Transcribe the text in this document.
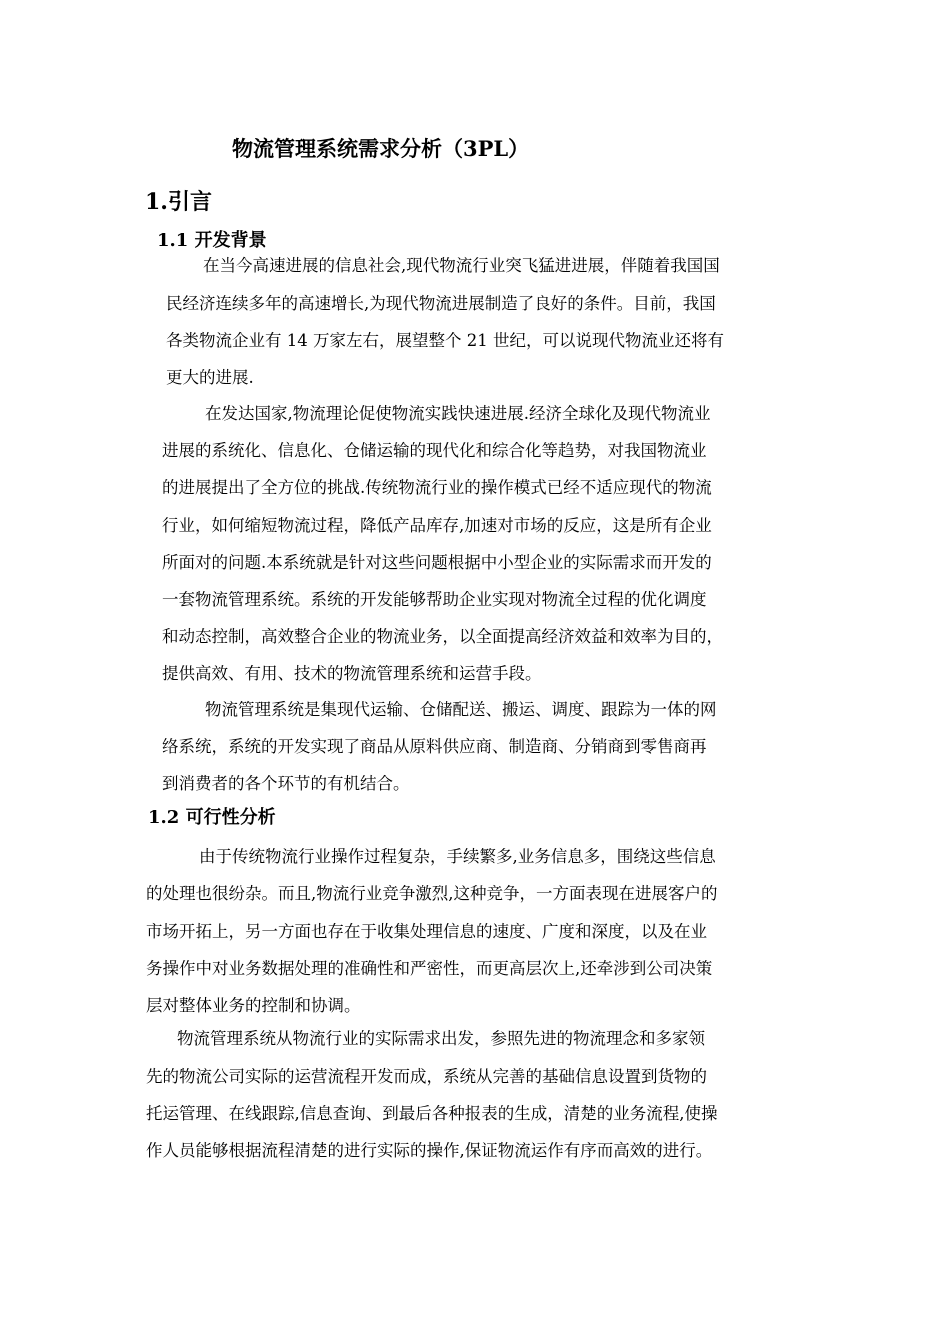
物流管理系统需求分析（3PL）
1.引言
1.1 开发背景
在当今高速进展的信息社会,现代物流行业突飞猛进进展，伴随着我国国
民经济连续多年的高速增长,为现代物流进展制造了良好的条件。目前，我国
各类物流企业有 14 万家左右，展望整个 21 世纪，可以说现代物流业还将有
更大的进展.
在发达国家,物流理论促使物流实践快速进展.经济全球化及现代物流业
进展的系统化、信息化、仓储运输的现代化和综合化等趋势，对我国物流业
的进展提出了全方位的挑战.传统物流行业的操作模式已经不适应现代的物流
行业，如何缩短物流过程，降低产品库存,加速对市场的反应，这是所有企业
所面对的问题.本系统就是针对这些问题根据中小型企业的实际需求而开发的
一套物流管理系统。系统的开发能够帮助企业实现对物流全过程的优化调度
和动态控制，高效整合企业的物流业务，以全面提高经济效益和效率为目的，
提供高效、有用、技术的物流管理系统和运营手段。
物流管理系统是集现代运输、仓储配送、搬运、调度、跟踪为一体的网
络系统，系统的开发实现了商品从原料供应商、制造商、分销商到零售商再
到消费者的各个环节的有机结合。
1.2 可行性分析
由于传统物流行业操作过程复杂，手续繁多,业务信息多，围绕这些信息
的处理也很纷杂。而且,物流行业竞争激烈,这种竞争，一方面表现在进展客户的
市场开拓上，另一方面也存在于收集处理信息的速度、广度和深度，以及在业
务操作中对业务数据处理的准确性和严密性，而更高层次上,还牵涉到公司决策
层对整体业务的控制和协调。
物流管理系统从物流行业的实际需求出发，参照先进的物流理念和多家领
先的物流公司实际的运营流程开发而成，系统从完善的基础信息设置到货物的
托运管理、在线跟踪,信息查询、到最后各种报表的生成，清楚的业务流程,使操
作人员能够根据流程清楚的进行实际的操作,保证物流运作有序而高效的进行。
